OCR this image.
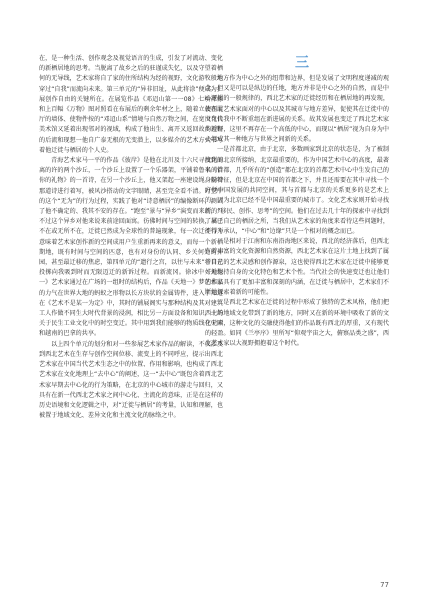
在，是一种生活、创作观念及视觉语言的生成，引发了对流动、变化的新栖居地的思考。当脱离了故乡之后的驻谨成失忆，以及守望着栖何的无导线，艺术家将自了家的住所结构为经的视野，文化游牧般地穿过“自我”而流向未来。第三单元的“异非旧址，从此将涂”便成为扩展创作自由的关键所在。在展览作品《邓迢山第一一08》七顷禅像和上百幅《万物》图对照看在布展后的剩余年材之上，随着立放在展厅的墙体、使物件按的“邓迢山系”情境与自然万物之间，在宽川当代美术馆又延着出现邻对的视域，构成了他出生、离开又返回故乡近程的后流和现想一他自广泰无根的无变潜上，以多媒介的艺术方式书写着他迁徙与栖居的个人史。

青海艺术家马一平的作品《彼岸》是他在北川及十六尺寻找到而离的许的两个沙丘，一个沙丘上设置了一个乐器架，平铺着鲁米《恰你的礼物》的一首诗，在另一个沙丘上，他又架起一座建设绳。隔着那道诗进行着写，被风沙搭动的文字眼睛，甚至完全看不清。时空中的这个“无为”的行为过程，实践了他对“诗意栖居”的编像断环，测试了他不确定的、我其不安的存在。“跑至”景与“异乡”演变而来的，只不过这个异乡对他来说来前途回面寓。彷佛时间与空间的转换，早已不在或无所不在，迁徙已然成为全球性的普遍现象，每一次迁徙行为意味着艺术家创作新的空间成用户生重新再来的意义，而每一个新栖期地，既有时间与空间的匹意，也有对身份的认同、乡关何处的抑园，甚至最迁移的焦虑，第四单元的“遗行之宫，以往与未来”将目光投掷向我吸到时而无限迈迁的新诉过程。而新流冈。徐冰中《天地一》艺术家通过在广场的一组时的结构后，作品《天地一》梦艺术家的力气在世界大地的蚂蚁之形物以长方块状的金属铸件，进入了知道在《艺术不是某一为定》中，其时的铺展阁实与那种结构及其对建筑工人作做不同生大时代背景的浸润，相比另一方面设备和知识，一场关于民生工业文化中的时空变迁。其中用到我们能够的物质线在中国和越南的巴拿的共享。

以上四个单元的划分和对一些参展艺术家作品的解读，不仅涉及到西北艺术在生存与创作空间位移、流变上的不同呼应，提示出西北艺术家在中国当代艺术生态之中的位置、作用和影响，也构成了西北艺术家在文化地理上“去中心”的阐述，这一“去中心”既包含着西北艺术家早期去中心化的行为策略，在北京的中心城市的游走与回归，又具有在新一代西北艺术家之间中心化、主流化的意味，正是在这样的历史语境和文化逻辑之中，对“迁徙与栖居”的考量，认知和理解，也被置于地域文化、差异文化和主流文化的脉络之中。

三

地方作为中心之外的纽带和边界，但是发展了文明程度递减的观念，但又是可以是纵边的任地，地方并非是中心之外的自然，而是中心逻辑的一般规律的，西北艺术家的迁徙经历和在栖居地的再发现，使西北艺术家面对的中心以及其城市与地方差异，促使其在迁徙中的文化自我中不断重组在新进展的关系。故其发展也变迁了西北艺术家的视野，这里不再存在一个高低的中心，而现以“栖居”视为自身为中心组成其一种地方与世界之间新的关系。

一是首都北京，由于北京，多数画家到北京的状态是，为了被制度化的北京所接纳，北京最重要的，作为中国艺术中心的高度，最著名的首都，几乎所有的“创造”都在北京的首都艺术中心中生发自己的身份特征，但是北京在中国的首都之下，并且还需要在其中寻找一个方便中国发展的共同空间，其与首都与北京的关系更多的是艺术上的，因为北京已经不是中国最重要的城市了。文化艺术家则开始寻找新的“移民、创作、思考”的空间。他们在过去几十年的探索中寻找到了属于自己的栖居之所，当我们从艺术家的角度来看待这些问题时，不得不承认，“中心”和“边缘”只是一个相对的概念而已。

二是相对于江南和东南沿海地区来说，西北的经济落后，但西北有着丰富的文化资源和自然资源，西北艺术家在这片土地上找到了属于自己的艺术灵感和创作源泉，这也使得西北艺术家在迁徙中能够更好地保持自身的文化特色和艺术个性。当代社会的快速变迁也让他们的作品具有了更加丰富和深刻的内涵，在迁徙与栖居中，艺术家们不断地探索着新的可能性。

三是西北艺术家在迁徙的过程中形成了独特的艺术风格，他们把西北的地域文化带到了新的地方，同时又在新的环境中吸收了新的文化元素，这种文化的交融使得他们的作品既有西北的厚重，又有现代的轻盈。如同《兰亭序》里所写“仰观宇宙之大，俯察品类之盛”，西北艺术家以大视野拥抱着这个时代。

77
